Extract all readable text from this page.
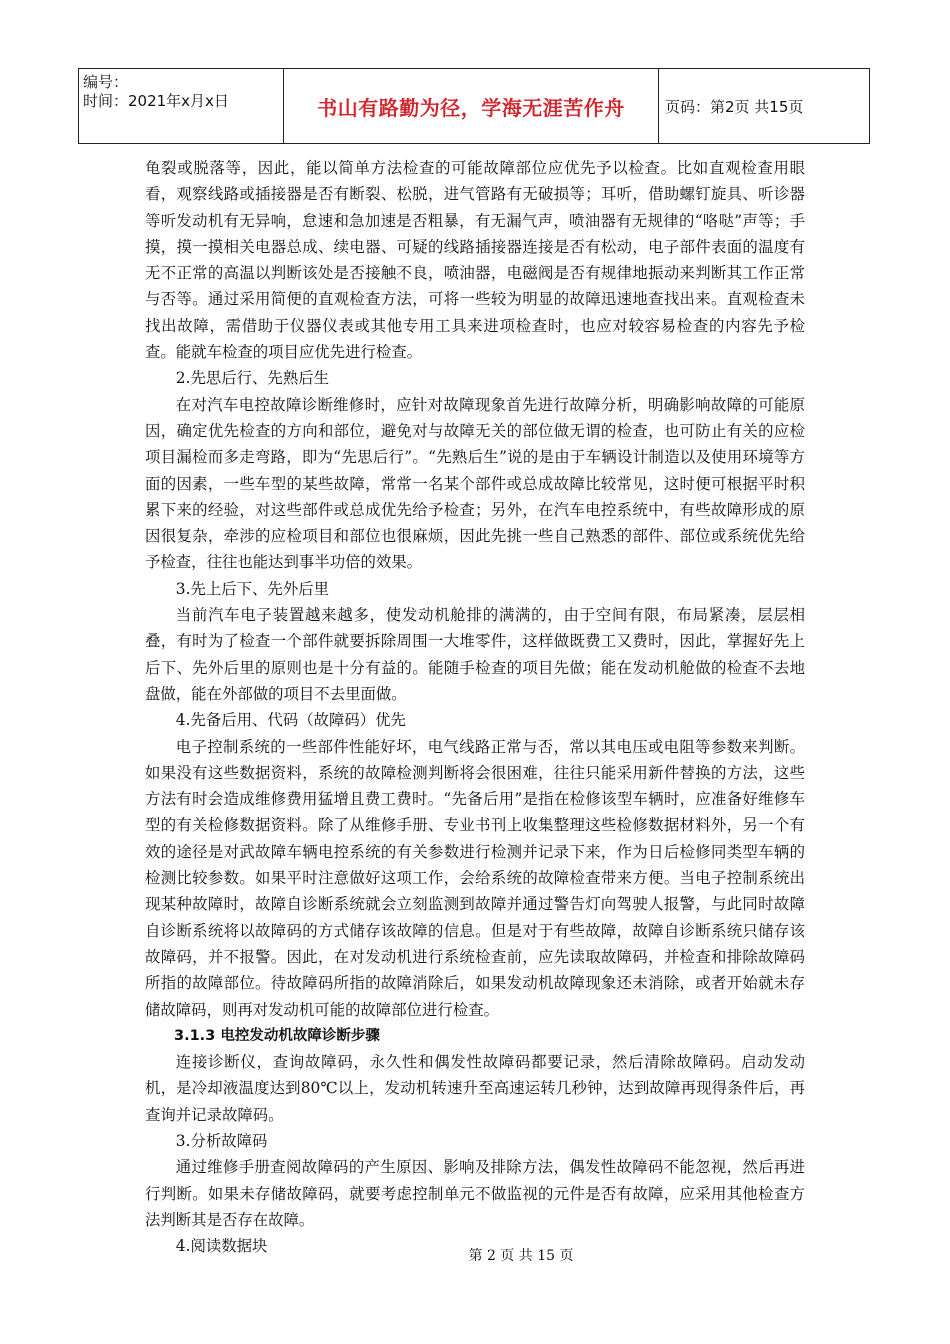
编号：
时间：2021年x月x日	书山有路勤为径，学海无涯苦作舟	页码：第2页 共15页

龟裂或脱落等，因此，能以简单方法检查的可能故障部位应优先予以检查。比如直观检查用眼看，观察线路或插接器是否有断裂、松脱，进气管路有无破损等；耳听，借助螺钉旋具、听诊器等听发动机有无异响，怠速和急加速是否粗暴，有无漏气声，喷油器有无规律的“咯哒”声等；手摸，摸一摸相关电器总成、续电器、可疑的线路插接器连接是否有松动，电子部件表面的温度有无不正常的高温以判断该处是否接触不良，喷油器，电磁阀是否有规律地振动来判断其工作正常与否等。通过采用简便的直观检查方法，可将一些较为明显的故障迅速地查找出来。直观检查未找出故障，需借助于仪器仪表或其他专用工具来进项检查时，也应对较容易检查的内容先予检查。能就车检查的项目应优先进行检查。

2.先思后行、先熟后生

在对汽车电控故障诊断维修时，应针对故障现象首先进行故障分析，明确影响故障的可能原因，确定优先检查的方向和部位，避免对与故障无关的部位做无谓的检查，也可防止有关的应检项目漏检而多走弯路，即为“先思后行”。“先熟后生”说的是由于车辆设计制造以及使用环境等方面的因素，一些车型的某些故障，常常一名某个部件或总成故障比较常见，这时便可根据平时积累下来的经验，对这些部件或总成优先给予检查；另外，在汽车电控系统中，有些故障形成的原因很复杂，牵涉的应检项目和部位也很麻烦，因此先挑一些自己熟悉的部件、部位或系统优先给予检查，往往也能达到事半功倍的效果。

3.先上后下、先外后里

当前汽车电子装置越来越多，使发动机舱排的满满的，由于空间有限，布局紧凑，层层相叠，有时为了检查一个部件就要拆除周围一大堆零件，这样做既费工又费时，因此，掌握好先上后下、先外后里的原则也是十分有益的。能随手检查的项目先做；能在发动机舱做的检查不去地盘做，能在外部做的项目不去里面做。

4.先备后用、代码（故障码）优先

电子控制系统的一些部件性能好坏，电气线路正常与否，常以其电压或电阻等参数来判断。如果没有这些数据资料，系统的故障检测判断将会很困难，往往只能采用新件替换的方法，这些方法有时会造成维修费用猛增且费工费时。“先备后用”是指在检修该型车辆时，应准备好维修车型的有关检修数据资料。除了从维修手册、专业书刊上收集整理这些检修数据材料外，另一个有效的途径是对武故障车辆电控系统的有关参数进行检测并记录下来，作为日后检修同类型车辆的检测比较参数。如果平时注意做好这项工作，会给系统的故障检查带来方便。当电子控制系统出现某种故障时，故障自诊断系统就会立刻监测到故障并通过警告灯向驾驶人报警，与此同时故障自诊断系统将以故障码的方式储存该故障的信息。但是对于有些故障，故障自诊断系统只储存该故障码，并不报警。因此，在对发动机进行系统检查前，应先读取故障码，并检查和排除故障码所指的故障部位。待故障码所指的故障消除后，如果发动机故障现象还未消除，或者开始就未存储故障码，则再对发动机可能的故障部位进行检查。

3.1.3 电控发动机故障诊断步骤

连接诊断仪，查询故障码，永久性和偶发性故障码都要记录，然后清除故障码。启动发动机，是冷却液温度达到80℃以上，发动机转速升至高速运转几秒钟，达到故障再现得条件后，再查询并记录故障码。

3.分析故障码

通过维修手册查阅故障码的产生原因、影响及排除方法，偶发性故障码不能忽视，然后再进行判断。如果未存储故障码，就要考虑控制单元不做监视的元件是否有故障，应采用其他检查方法判断其是否存在故障。

4.阅读数据块

第 2 页 共 15 页
